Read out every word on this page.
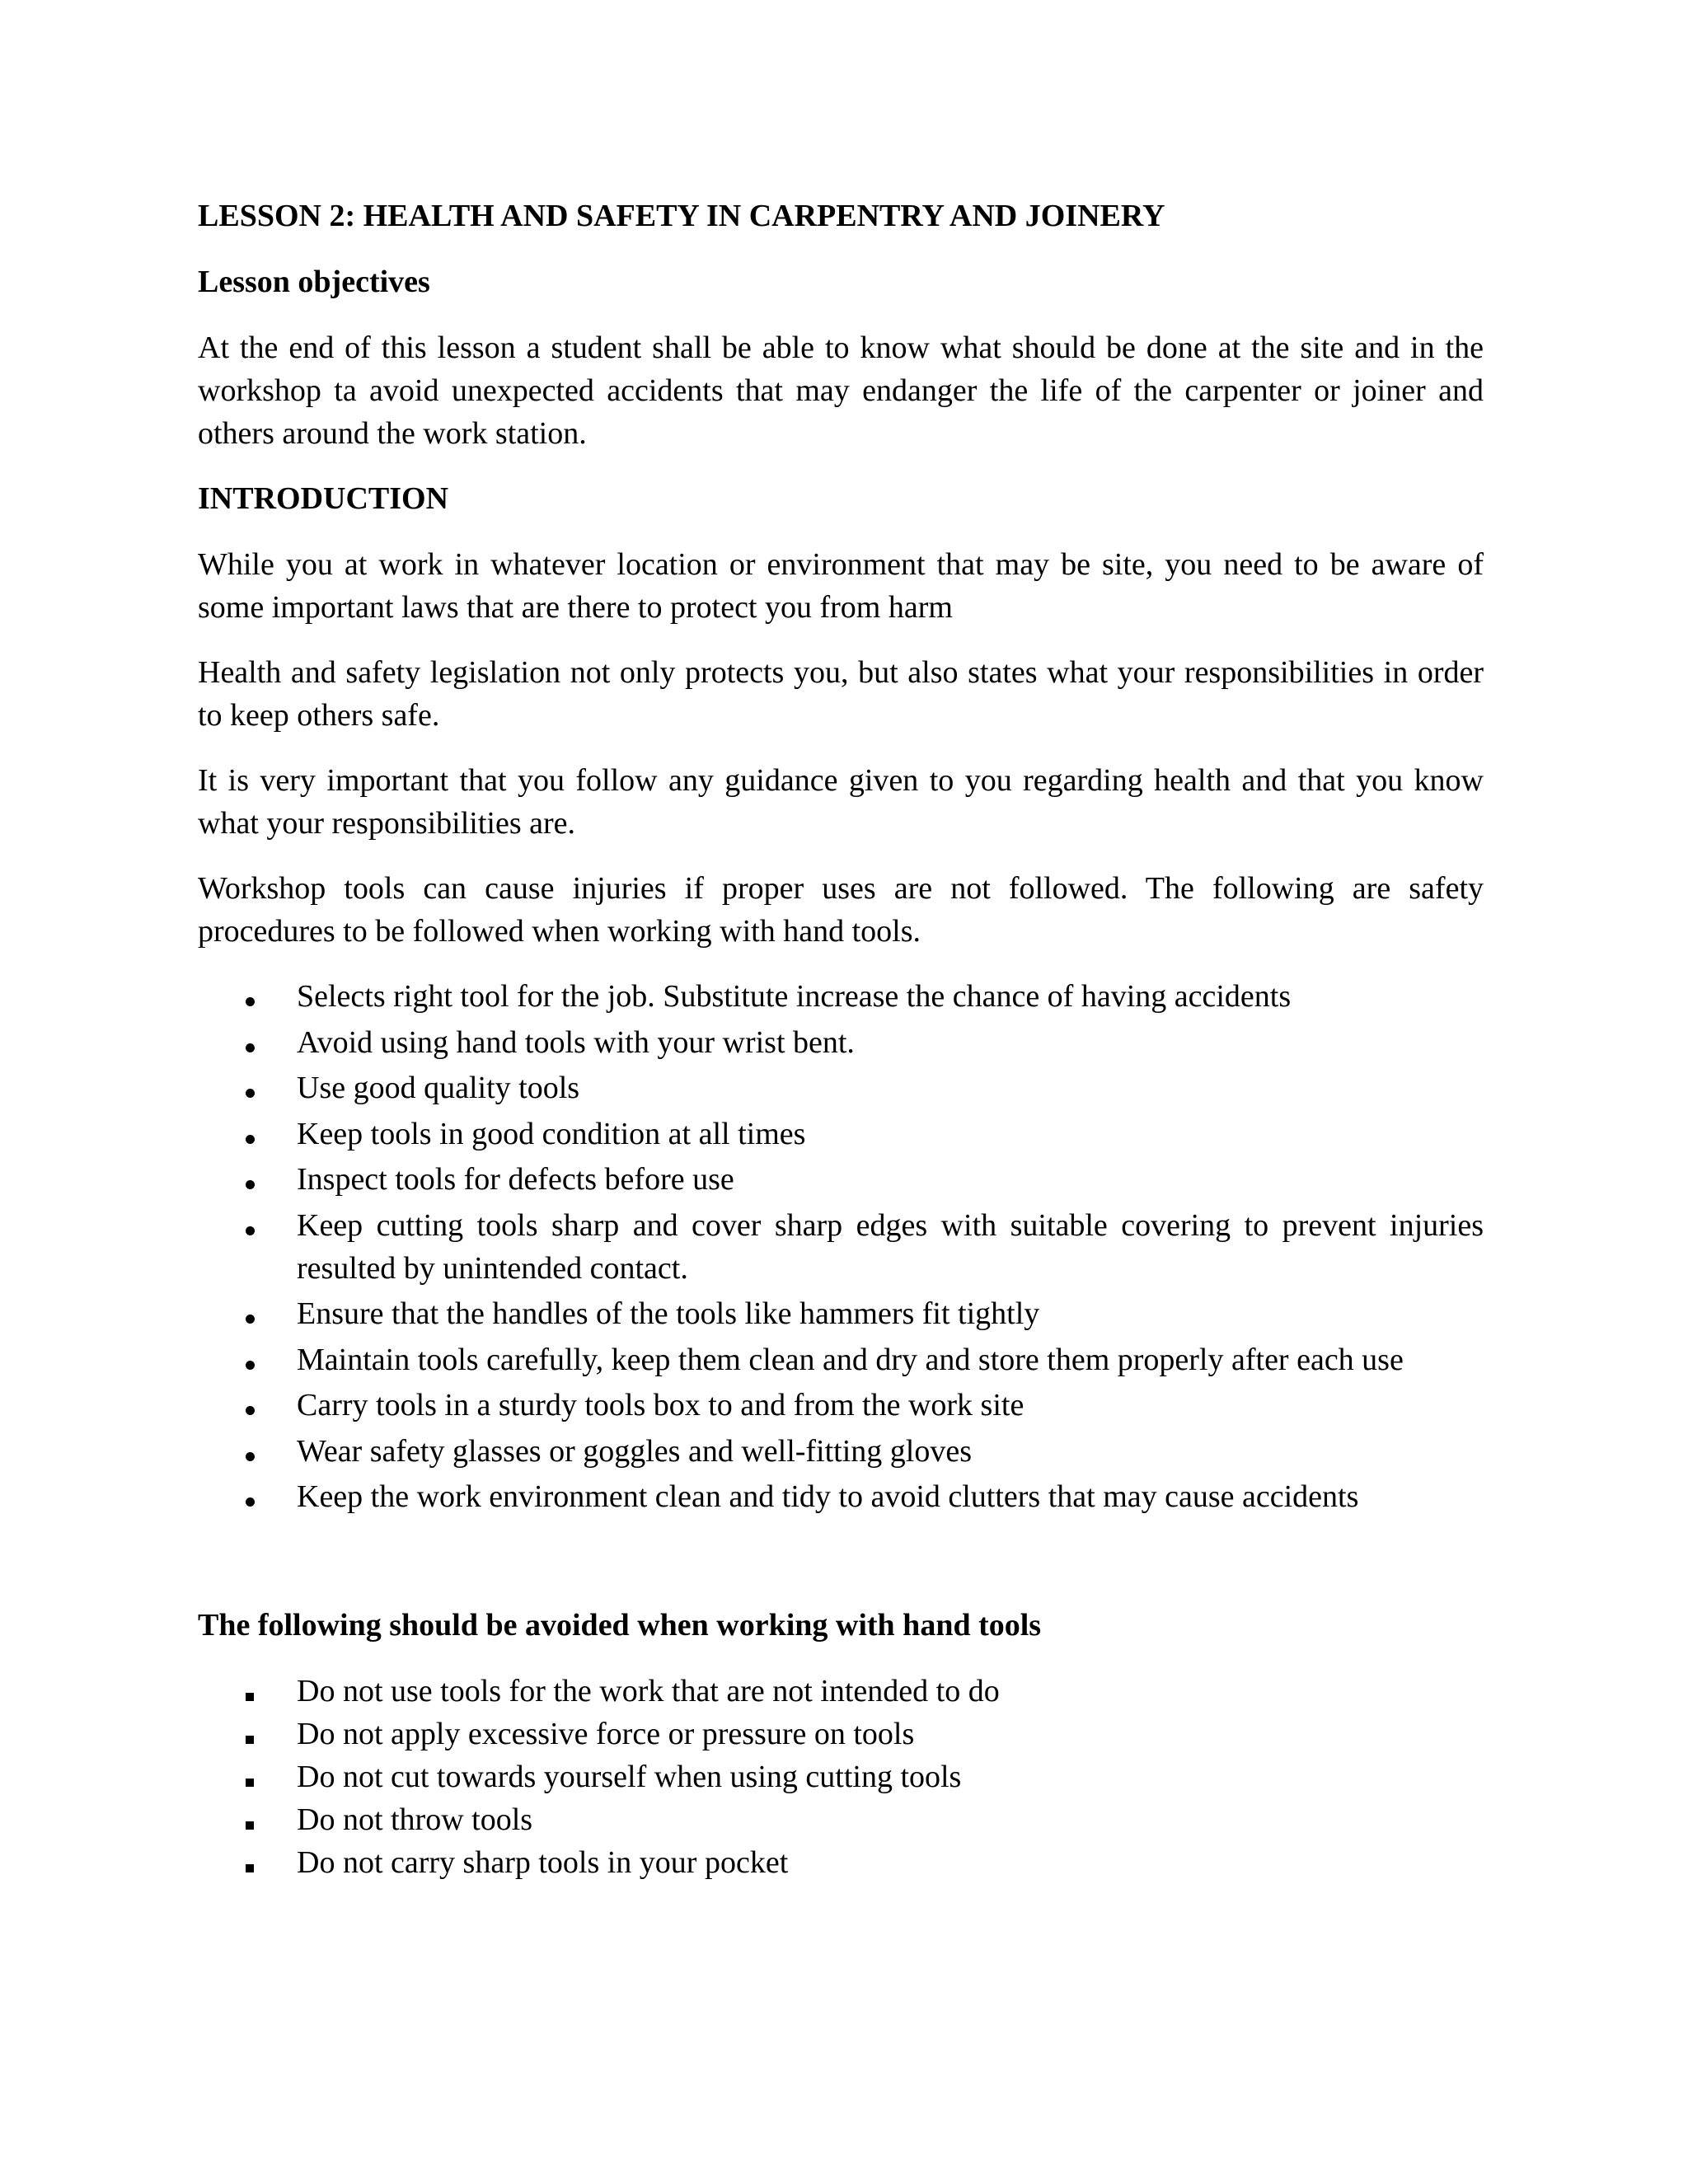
LESSON 2: HEALTH AND SAFETY IN CARPENTRY AND JOINERY
Lesson objectives
At the end of this lesson a student shall be able to know what should be done at the site and in the workshop ta avoid unexpected accidents that may endanger the life of the carpenter or joiner and others around the work station.
INTRODUCTION
While you at work in whatever location or environment that may be site, you need to be aware of some important laws that are there to protect you from harm
Health and safety legislation not only protects you, but also states what your responsibilities in order to keep others safe.
It is very important that you follow any guidance given to you regarding health and that you know what your responsibilities are.
Workshop tools can cause injuries if proper uses are not followed. The following are safety procedures to be followed when working with hand tools.
Selects right tool for the job. Substitute increase the chance of having accidents
Avoid using hand tools with your wrist bent.
Use good quality tools
Keep tools in good condition at all times
Inspect tools for defects before use
Keep cutting tools sharp and cover sharp edges with suitable covering to prevent injuries resulted by unintended contact.
Ensure that the handles of the tools like hammers fit tightly
Maintain tools carefully, keep them clean and dry and store them properly after each use
Carry tools in a sturdy tools box to and from the work site
Wear safety glasses or goggles and well-fitting gloves
Keep the work environment clean and tidy to avoid clutters that may cause accidents
The following should be avoided when working with hand tools
Do not use tools for the work that are not intended to do
Do not apply excessive force or pressure on tools
Do not cut towards yourself when using cutting tools
Do not throw tools
Do not carry sharp tools in your pocket
